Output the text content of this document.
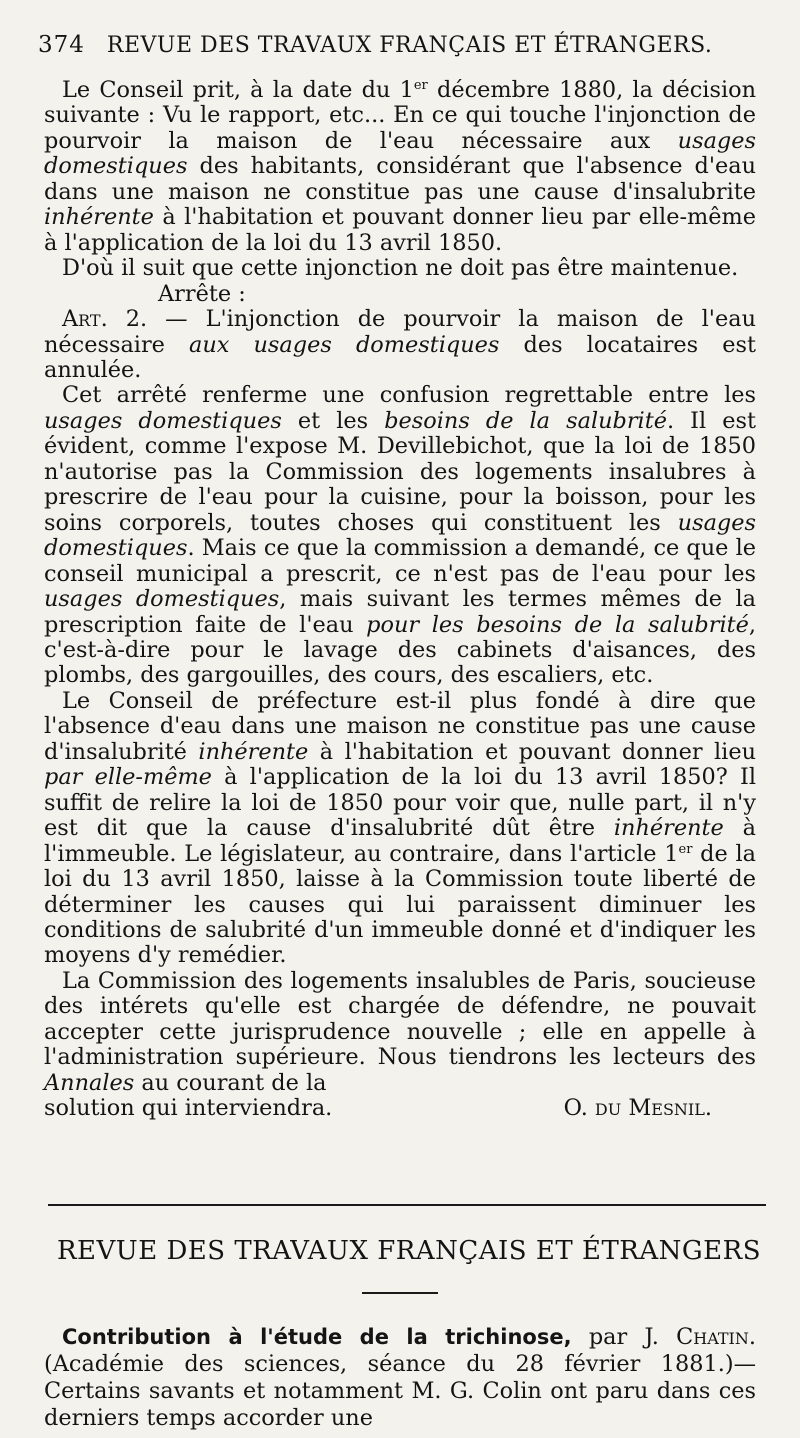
374 REVUE DES TRAVAUX FRANÇAIS ET ÉTRANGERS.

Le Conseil prit, à la date du 1er décembre 1880, la décision suivante : Vu le rapport, etc... En ce qui touche l'injonction de pourvoir la maison de l'eau nécessaire aux usages domestiques des habitants, considérant que l'absence d'eau dans une maison ne constitue pas une cause d'insalubrite inhérente à l'habitation et pouvant donner lieu par elle-même à l'application de la loi du 13 avril 1850.

D'où il suit que cette injonction ne doit pas être maintenue.

Arrête :

Art. 2. — L'injonction de pourvoir la maison de l'eau nécessaire aux usages domestiques des locataires est annulée.

Cet arrêté renferme une confusion regrettable entre les usages domestiques et les besoins de la salubrité. Il est évident, comme l'expose M. Devillebichot, que la loi de 1850 n'autorise pas la Commission des logements insalubres à prescrire de l'eau pour la cuisine, pour la boisson, pour les soins corporels, toutes choses qui constituent les usages domestiques. Mais ce que la commission a demandé, ce que le conseil municipal a prescrit, ce n'est pas de l'eau pour les usages domestiques, mais suivant les termes mêmes de la prescription faite de l'eau pour les besoins de la salubrité, c'est-à-dire pour le lavage des cabinets d'aisances, des plombs, des gargouilles, des cours, des escaliers, etc.

Le Conseil de préfecture est-il plus fondé à dire que l'absence d'eau dans une maison ne constitue pas une cause d'insalubrité inhérente à l'habitation et pouvant donner lieu par elle-même à l'application de la loi du 13 avril 1850? Il suffit de relire la loi de 1850 pour voir que, nulle part, il n'y est dit que la cause d'insalubrité dût être inhérente à l'immeuble. Le législateur, au contraire, dans l'article 1er de la loi du 13 avril 1850, laisse à la Commission toute liberté de déterminer les causes qui lui paraissent diminuer les conditions de salubrité d'un immeuble donné et d'indiquer les moyens d'y remédier.

La Commission des logements insalubles de Paris, soucieuse des intérets qu'elle est chargée de défendre, ne pouvait accepter cette jurisprudence nouvelle ; elle en appelle à l'administration supérieure. Nous tiendrons les lecteurs des Annales au courant de la

solution qui interviendra.	O. du Mesnil.
REVUE DES TRAVAUX FRANÇAIS ET ÉTRANGERS

Contribution à l'étude de la trichinose, par J. Chatin. (Académie des sciences, séance du 28 février 1881.)— Certains savants et notamment M. G. Colin ont paru dans ces derniers temps accorder une
